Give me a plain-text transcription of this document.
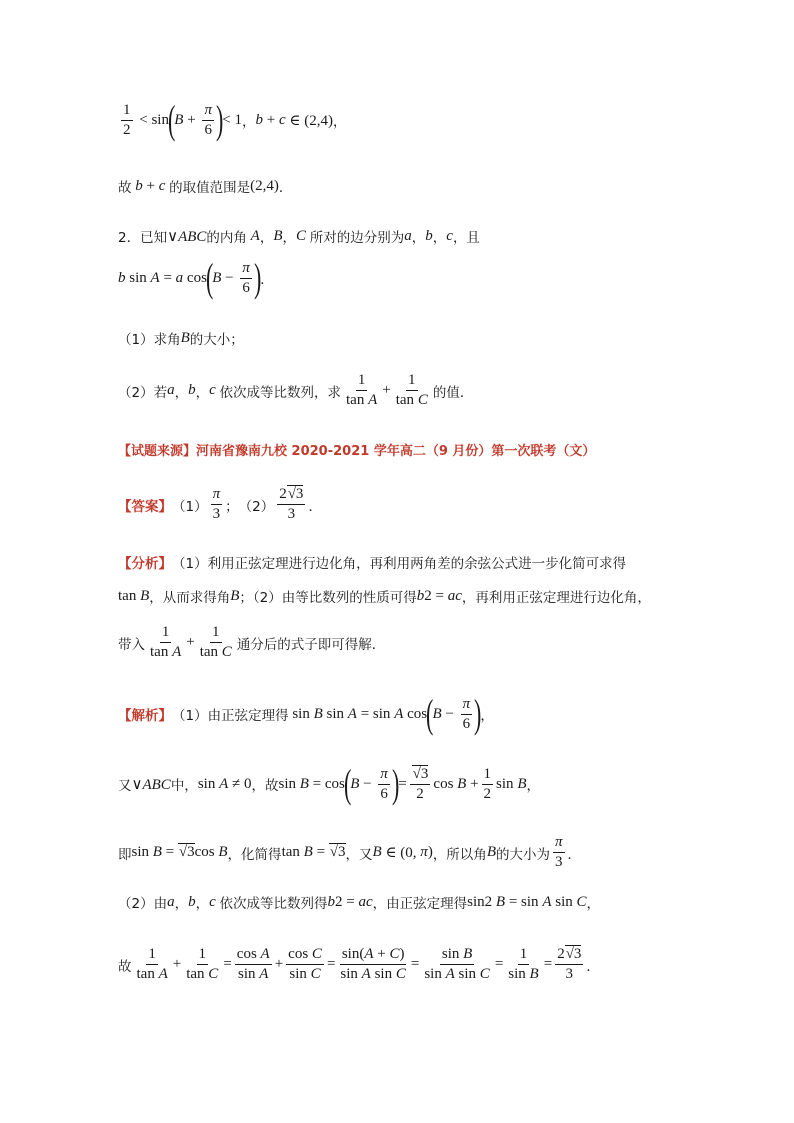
$\frac{1}{2} < \sin$
(
$B + \frac{\pi}{6}$ )
< 1 ， b + c ∈ (2,4) ，
故 b + c 的取值范围是 (2,4) ．
2．已知 ∨ABC 的内角 A ， B ， C 所对的边分别为 a ， b ， c ，且
b sin A = a cos
(
$B - \frac{\pi}{6}$ )
．
（1）求角 B 的大小；
（2）若 a ， b ， c 依次成等比数列，求 $\frac{1}{\text{tan A}} + \frac{1}{\text{tan C}}$ 的值．
【试题来源】 河南省豫南九校 2020-2021 学年高二（9 月份）第一次联考（文）
【答案】 $(1) \frac{\pi}{3}$ ； $(2) \frac{2√3}{3}$ ．
【分析】 （1）利用正弦定理进行边化角，再利用两角差的余弦公式进一步化简可求得
tan B ，从而求得角 B ；（2）由等比数列的性质可得 b 2 = ac ，再利用正弦定理进行边化角，
带入 $\frac{1}{\text{tan A}} + \frac{1}{\text{tan C}}$ 通分后的式子即可得解．
【解析】 （1）由正弦定理得 sin B sin A = sin A cos
(
$B - \frac{\pi}{6}$ )
，
又 ∨ABC 中， sin A ≠ 0 ，故 sin B = cos
(
$B - \frac{\pi}{6}$ )
= $\frac{√3}{2}$ $\cos B + \frac{1}{2}$ sin B ，
即 sin B = √3cos B ，化简得 tan B = √3 ，又 B ∈ (0, π ) ，所以角 B 的大小为 $\frac{\pi}{3}$ ．
（2）由 a ， b ， c 依次成等比数列得 b 2 = ac ，由正弦定理得 sin 2 B = sin A sin C ，
故 $\frac{1}{\text{tan A}} + \frac{1}{\text{tan C}} = \frac{\text{cos A}}{\text{sin A}} + \frac{\text{cos C}}{\text{sin C}} = \frac{\sin(A + C)}{\text{sin A sin C}} = \frac{\text{sin B}}{\text{sin A sin C}} = \frac{1}{\text{sin B}} = \frac{2√3}{3}$ ．
